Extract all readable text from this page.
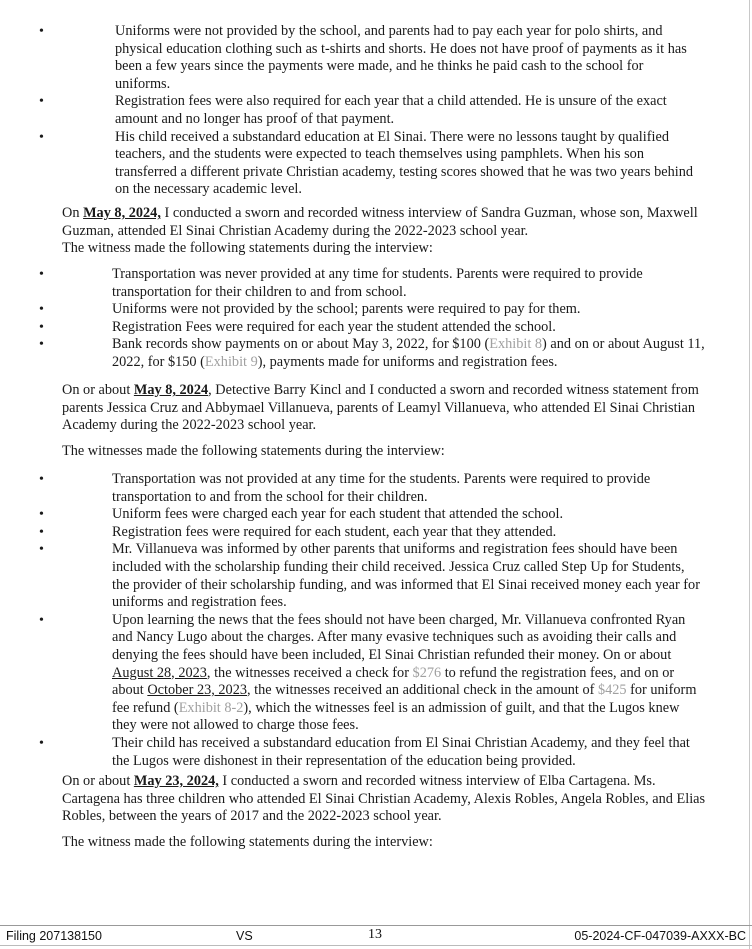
• Uniforms were not provided by the school, and parents had to pay each year for polo shirts, and physical education clothing such as t-shirts and shorts. He does not have proof of payments as it has been a few years since the payments were made, and he thinks he paid cash to the school for uniforms.
• Registration fees were also required for each year that a child attended. He is unsure of the exact amount and no longer has proof of that payment.
• His child received a substandard education at El Sinai. There were no lessons taught by qualified teachers, and the students were expected to teach themselves using pamphlets. When his son transferred a different private Christian academy, testing scores showed that he was two years behind on the necessary academic level.
On May 8, 2024, I conducted a sworn and recorded witness interview of Sandra Guzman, whose son, Maxwell Guzman, attended El Sinai Christian Academy during the 2022-2023 school year.
The witness made the following statements during the interview:
• Transportation was never provided at any time for students. Parents were required to provide transportation for their children to and from school.
• Uniforms were not provided by the school; parents were required to pay for them.
• Registration Fees were required for each year the student attended the school.
• Bank records show payments on or about May 3, 2022, for $100 (Exhibit 8) and on or about August 11, 2022, for $150 (Exhibit 9), payments made for uniforms and registration fees.
On or about May 8, 2024, Detective Barry Kincl and I conducted a sworn and recorded witness statement from parents Jessica Cruz and Abbymael Villanueva, parents of Leamyl Villanueva, who attended El Sinai Christian Academy during the 2022-2023 school year.
The witnesses made the following statements during the interview:
• Transportation was not provided at any time for the students. Parents were required to provide transportation to and from the school for their children.
• Uniform fees were charged each year for each student that attended the school.
• Registration fees were required for each student, each year that they attended.
• Mr. Villanueva was informed by other parents that uniforms and registration fees should have been included with the scholarship funding their child received. Jessica Cruz called Step Up for Students, the provider of their scholarship funding, and was informed that El Sinai received money each year for uniforms and registration fees.
• Upon learning the news that the fees should not have been charged, Mr. Villanueva confronted Ryan and Nancy Lugo about the charges. After many evasive techniques such as avoiding their calls and denying the fees should have been included, El Sinai Christian refunded their money. On or about August 28, 2023, the witnesses received a check for $276 to refund the registration fees, and on or about October 23, 2023, the witnesses received an additional check in the amount of $425 for uniform fee refund (Exhibit 8-2), which the witnesses feel is an admission of guilt, and that the Lugos knew they were not allowed to charge those fees.
• Their child has received a substandard education from El Sinai Christian Academy, and they feel that the Lugos were dishonest in their representation of the education being provided.
On or about May 23, 2024, I conducted a sworn and recorded witness interview of Elba Cartagena. Ms. Cartagena has three children who attended El Sinai Christian Academy, Alexis Robles, Angela Robles, and Elias Robles, between the years of 2017 and the 2022-2023 school year.
The witness made the following statements during the interview:
Filing 207138150	VS	13	05-2024-CF-047039-AXXX-BC
